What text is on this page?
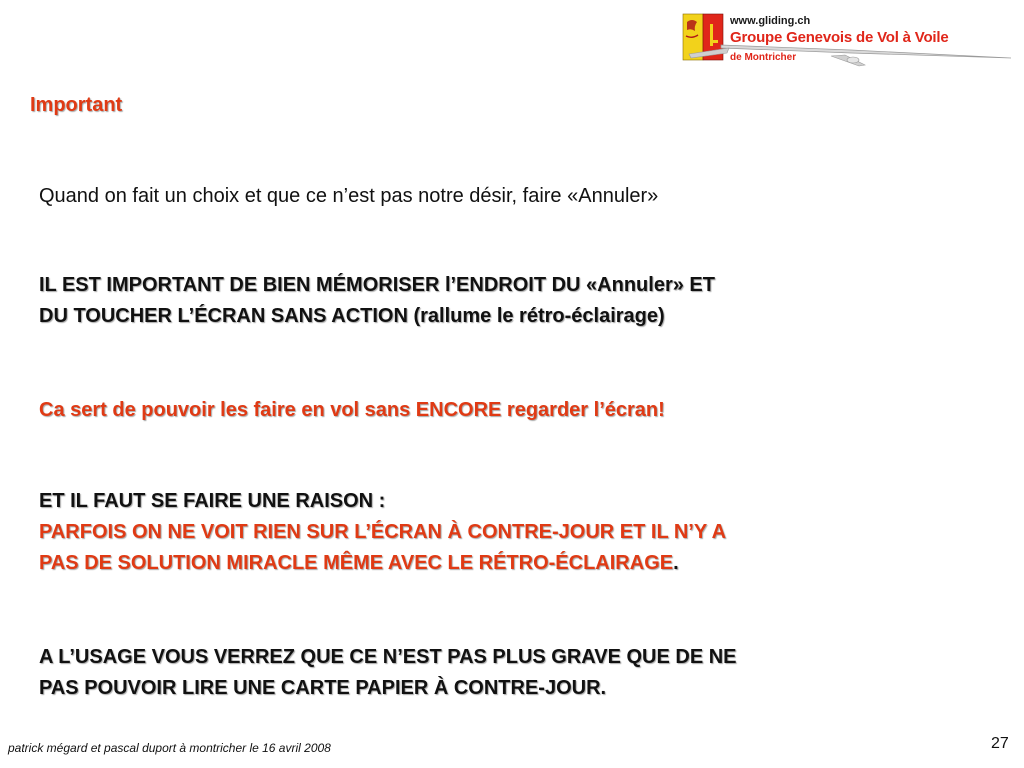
www.gliding.ch
Groupe Genevois de Vol à Voile
de Montricher
Important
Quand on fait un choix et que ce n’est pas notre désir, faire «Annuler»
IL EST IMPORTANT DE BIEN MÉMORISER l’ENDROIT DU «Annuler» ET
DU TOUCHER L’ÉCRAN SANS ACTION (rallume le rétro-éclairage)
Ca sert de pouvoir les faire en vol sans ENCORE regarder l’écran!
ET IL FAUT SE FAIRE UNE RAISON :
PARFOIS ON NE VOIT RIEN SUR L’ÉCRAN À CONTRE-JOUR ET IL N’Y A
PAS DE SOLUTION MIRACLE MÊME AVEC LE RÉTRO-ÉCLAIRAGE.
A L’USAGE VOUS VERREZ QUE CE N’EST PAS PLUS GRAVE QUE DE NE
PAS POUVOIR LIRE UNE CARTE PAPIER À CONTRE-JOUR.
patrick mégard et pascal duport à montricher le 16 avril 2008	27
